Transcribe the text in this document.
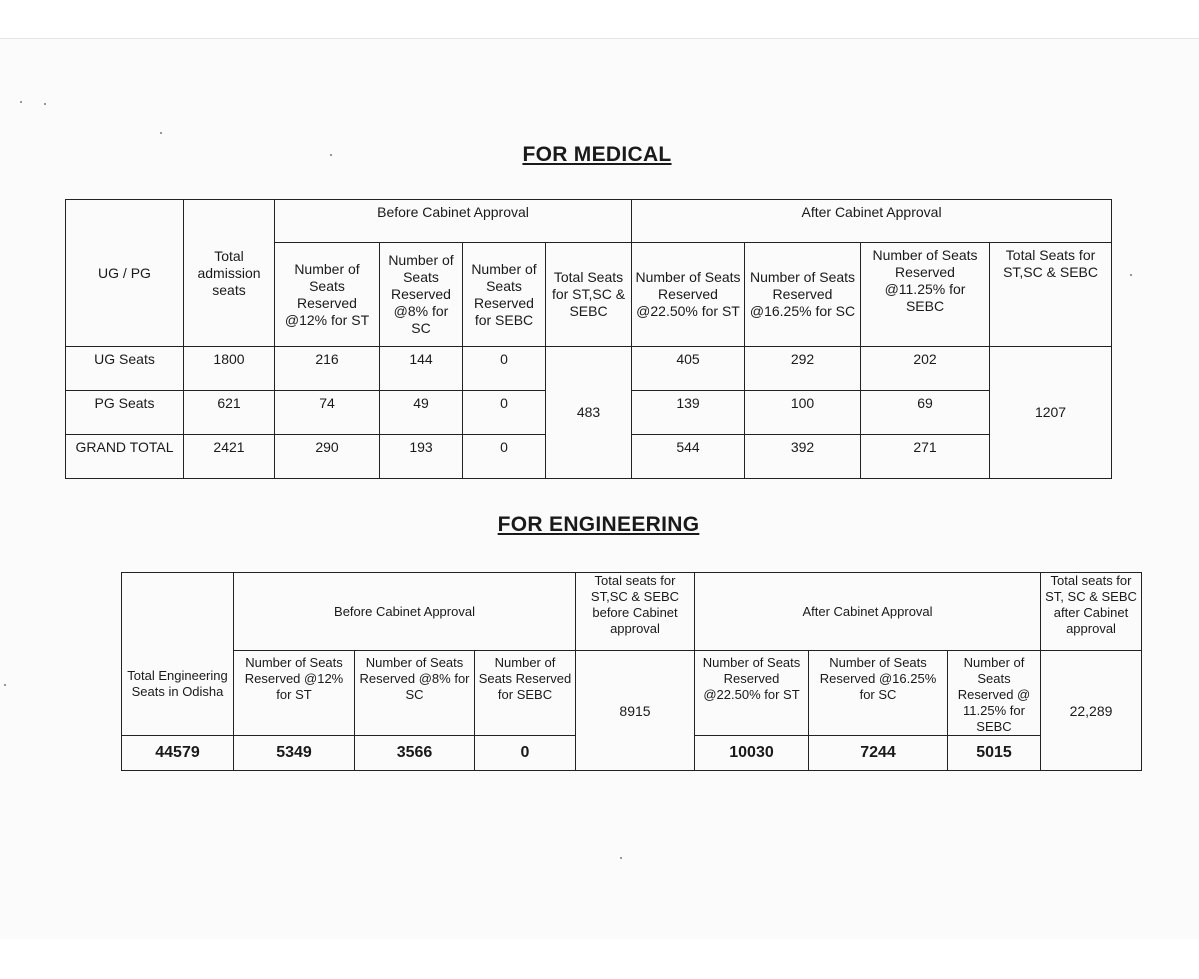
FOR MEDICAL
UG / PG	Total admission seats	Before Cabinet Approval				After Cabinet Approval			
		Number of Seats Reserved @12% for ST	Number of Seats Reserved @8% for SC	Number of Seats Reserved for SEBC	Total Seats for ST,SC & SEBC	Number of Seats Reserved @22.50% for ST	Number of Seats Reserved @16.25% for SC	Number of Seats Reserved @11.25% for SEBC	Total Seats for ST,SC & SEBC
UG Seats	1800	216	144	0	483	405	292	202	1207
PG Seats	621	74	49	0		139	100	69	
GRAND TOTAL	2421	290	193	0		544	392	271	
FOR ENGINEERING
Total Engineering Seats in Odisha	Before Cabinet Approval			Total seats for ST,SC & SEBC before Cabinet approval	After Cabinet Approval			Total seats for ST, SC & SEBC after Cabinet approval
	Number of Seats Reserved @12% for ST	Number of Seats Reserved @8% for SC	Number of Seats Reserved for SEBC	8915	Number of Seats Reserved @22.50% for ST	Number of Seats Reserved @16.25% for SC	Number of Seats Reserved @ 11.25% for SEBC	22,289
44579	5349	3566	0		10030	7244	5015	
